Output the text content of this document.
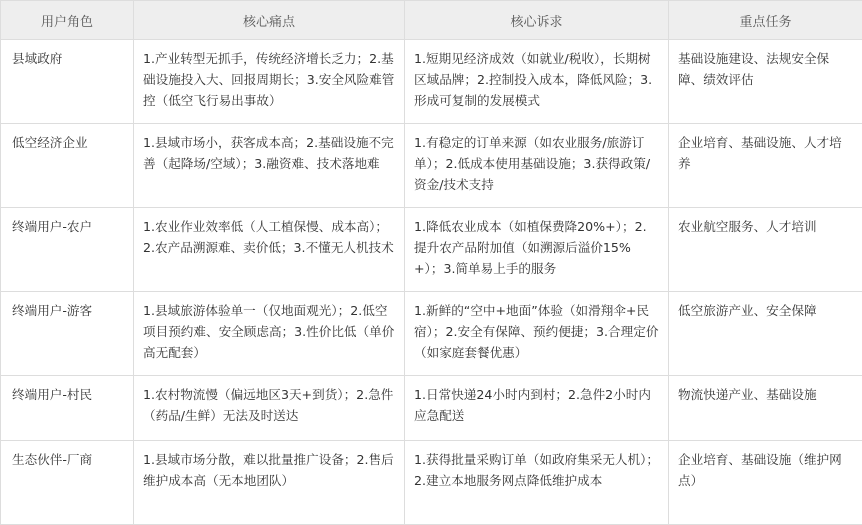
用户角色	核心痛点	核心诉求	重点任务
县域政府	1.产业转型无抓手，传统经济增长乏力；2.基础设施投入大、回报周期长；3.安全风险难管控（低空飞行易出事故）	1.短期见经济成效（如就业/税收），长期树区域品牌；2.控制投入成本，降低风险；3.形成可复制的发展模式	基础设施建设、法规安全保障、绩效评估
低空经济企业	1.县域市场小，获客成本高；2.基础设施不完善（起降场/空域）；3.融资难、技术落地难	1.有稳定的订单来源（如农业服务/旅游订单）；2.低成本使用基础设施；3.获得政策/资金/技术支持	企业培育、基础设施、人才培养
终端用户-农户	1.农业作业效率低（人工植保慢、成本高）；2.农产品溯源难、卖价低；3.不懂无人机技术	1.降低农业成本（如植保费降20%+）；2.提升农产品附加值（如溯源后溢价15%+）；3.简单易上手的服务	农业航空服务、人才培训
终端用户-游客	1.县域旅游体验单一（仅地面观光）；2.低空项目预约难、安全顾虑高；3.性价比低（单价高无配套）	1.新鲜的“空中+地面”体验（如滑翔伞+民宿）；2.安全有保障、预约便捷；3.合理定价（如家庭套餐优惠）	低空旅游产业、安全保障
终端用户-村民	1.农村物流慢（偏远地区3天+到货）；2.急件（药品/生鲜）无法及时送达	1.日常快递24小时内到村；2.急件2小时内应急配送	物流快递产业、基础设施
生态伙伴-厂商	1.县域市场分散，难以批量推广设备；2.售后维护成本高（无本地团队）	1.获得批量采购订单（如政府集采无人机）；2.建立本地服务网点降低维护成本	企业培育、基础设施（维护网点）
